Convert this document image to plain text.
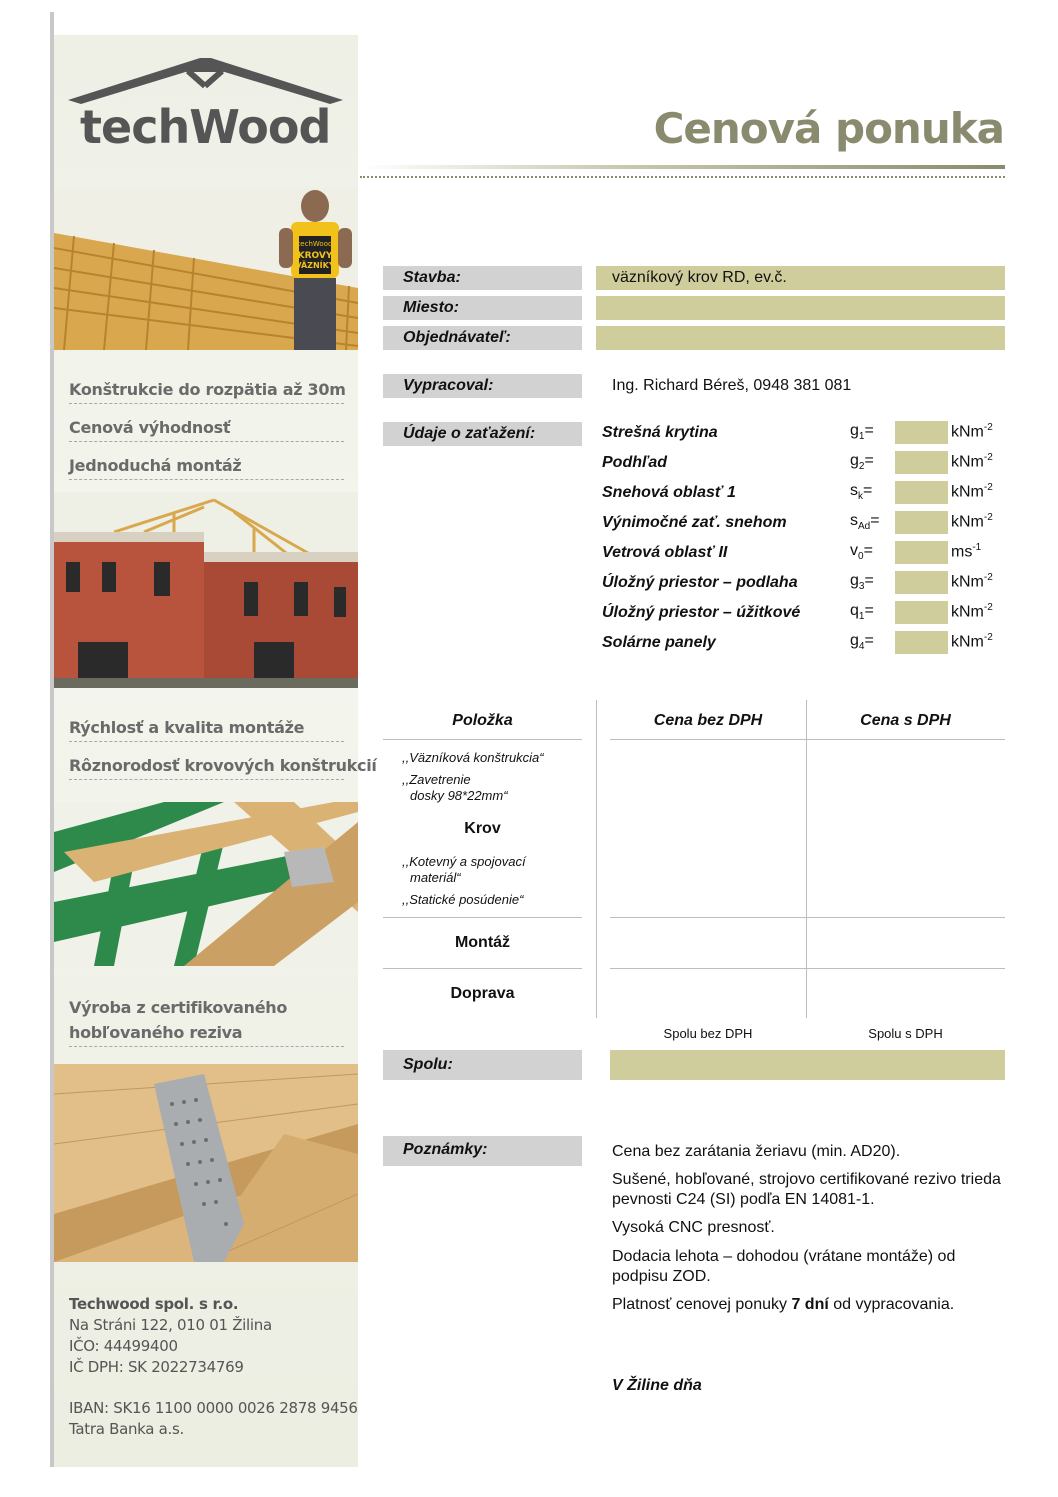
techWood
techWood
KROVY
VÄZNÍKY
Konštrukcie do rozpätia až 30m
Cenová výhodnosť
Jednoduchá montáž
Rýchlosť a kvalita montáže
Rôznorodosť krovových konštrukcií
Výroba z certifikovaného
hobľovaného reziva
Techwood spol. s r.o.
Na Stráni 122, 010 01 Žilina
IČO: 44499400
IČ DPH: SK 2022734769
IBAN: SK16 1100 0000 0026 2878 9456
Tatra Banka a.s.
Cenová ponuka
Stavba:	väzníkový krov RD, ev.č.
Miesto:
Objednávateľ:
Vypracoval:	Ing. Richard Béreš, 0948 381 081
Údaje o zaťažení:	Strešná krytina	$g_1=$	kNm$^{-2}$
Podhľad	$g_2=$	kNm$^{-2}$
Snehová oblasť 1	$s_k=$	kNm$^{-2}$
Výnimočné zať. snehom	$s_{Ad}=$	kNm$^{-2}$
Vetrová oblasť II	$v_0=$	$ms^{-1}$
Úložný priestor – podlaha	$g_3=$	kNm$^{-2}$
Úložný priestor – úžitkové	$q_1=$	kNm$^{-2}$
Solárne panely	$g_4=$	kNm$^{-2}$
Položka	Cena bez DPH	Cena s DPH
,,Väzníková konštrukcia“
,,Zavetrenie
dosky 98*22mm“
Krov
,,Kotevný a spojovací
materiál“
,,Statické posúdenie“
Montáž
Doprava
Spolu bez DPH	Spolu s DPH
Spolu:
Poznámky:	Cena bez zarátania žeriavu (min. AD20).
Sušené, hobľované, strojovo certifikované rezivo trieda pevnosti C24 (SI) podľa EN 14081-1.
Vysoká CNC presnosť.
Dodacia lehota – dohodou (vrátane montáže) od podpisu ZOD.
Platnosť cenovej ponuky 7 dní od vypracovania.
V Žiline dňa
